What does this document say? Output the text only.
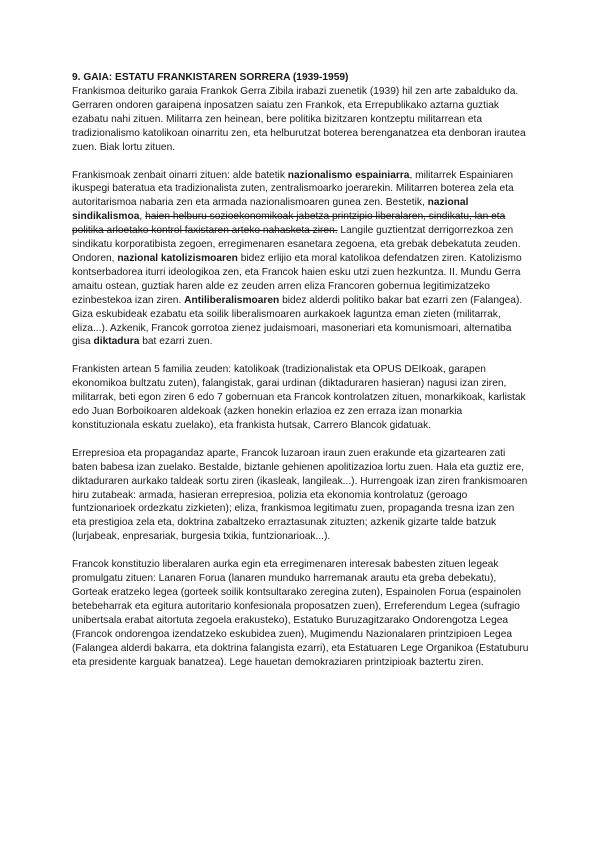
9. GAIA: ESTATU FRANKISTAREN SORRERA (1939-1959)

Frankismoa deituriko garaia Frankok Gerra Zibila irabazi zuenetik (1939) hil zen arte zabalduko da. Gerraren ondoren garaipena inposatzen saiatu zen Frankok, eta Errepublikako aztarna guztiak ezabatu nahi zituen. Militarra zen heinean, bere politika bizitzaren kontzeptu militarrean eta tradizionalismo katolikoan oinarritu zen, eta helburutzat boterea berenganatzea eta denboran irautea zuen. Biak lortu zituen.

Frankismoak zenbait oinarri zituen: alde batetik nazionalismo espainiarra, militarrek Espainiaren ikuspegi bateratua eta tradizionalista zuten, zentralismoarko joerarekin. Militarren boterea zela eta autoritarismoa nabaria zen eta armada nazionalismoaren gunea zen. Bestetik, nazional sindikalismoa, haien helburu sozioekonomikoak jabetza printzipio liberalaren, sindikatu, lan eta politika arloetako kontrol faxistaren arteko nahasketa ziren. Langile guztientzat derrigorrezkoa zen sindikatu korporatibista zegoen, erregimenaren esanetara zegoena, eta grebak debekatuta zeuden. Ondoren, nazional katolizismoaren bidez erlijio eta moral katolikoa defendatzen ziren. Katolizismo kontserbadorea iturri ideologikoa zen, eta Francok haien esku utzi zuen hezkuntza. II. Mundu Gerra amaitu ostean, guztiak haren alde ez zeuden arren eliza Francoren gobernua legitimizatzeko ezinbestekoa izan ziren. Antiliberalismoaren bidez alderdi politiko bakar bat ezarri zen (Falangea). Giza eskubideak ezabatu eta soilik liberalismoaren aurkakoek laguntza eman zieten (militarrak, eliza...). Azkenik, Francok gorrotoa zienez judaismoari, masoneriari eta komunismoari, alternatiba gisa diktadura bat ezarri zuen.

Frankisten artean 5 familia zeuden: katolikoak (tradizionalistak eta OPUS DEIkoak, garapen ekonomikoa bultzatu zuten), falangistak, garai urdinan (diktaduraren hasieran) nagusi izan ziren, militarrak, beti egon ziren 6 edo 7 gobernuan eta Francok kontrolatzen zituen, monarkikoak, karlistak edo Juan Borboikoaren aldekoak (azken honekin erlazioa ez zen erraza izan monarkia konstituzionala eskatu zuelako), eta frankista hutsak, Carrero Blancok gidatuak.

Errepresioa eta propagandaz aparte, Francok luzaroan iraun zuen erakunde eta gizartearen zati baten babesa izan zuelako. Bestalde, biztanle gehienen apolitizazioa lortu zuen. Hala eta guztiz ere, diktaduraren aurkako taldeak sortu ziren (ikasleak, langileak...). Hurrengoak izan ziren frankismoaren hiru zutabeak: armada, hasieran errepresioa, polizia eta ekonomia kontrolatuz (geroago funtzionarioek ordezkatu zizkieten); eliza, frankismoa legitimatu zuen, propaganda tresna izan zen eta prestigioa zela eta, doktrina zabaltzeko erraztasunak zituzten; azkenik gizarte talde batzuk (lurjabeak, enpresariak, burgesia txikia, funtzionarioak...).

Francok konstituzio liberalaren aurka egin eta erregimenaren interesak babesten zituen legeak promulgatu zituen: Lanaren Forua (lanaren munduko harremanak arautu eta greba debekatu), Gorteak eratzeko legea (gorteek soilik kontsultarako zeregina zuten), Espainolen Forua (espainolen betebeharrak eta egitura autoritario konfesionala proposatzen zuen), Erreferendum Legea (sufragio unibertsala erabat aitortuta zegoela erakusteko), Estatuko Buruzagitzarako Ondorengotza Legea (Francok ondorengoa izendatzeko eskubidea zuen), Mugimendu Nazionalaren printzipioen Legea (Falangea alderdi bakarra, eta doktrina falangista ezarri), eta Estatuaren Lege Organikoa (Estatuburu eta presidente karguak banatzea). Lege hauetan demokraziaren printzipioak baztertu ziren.
